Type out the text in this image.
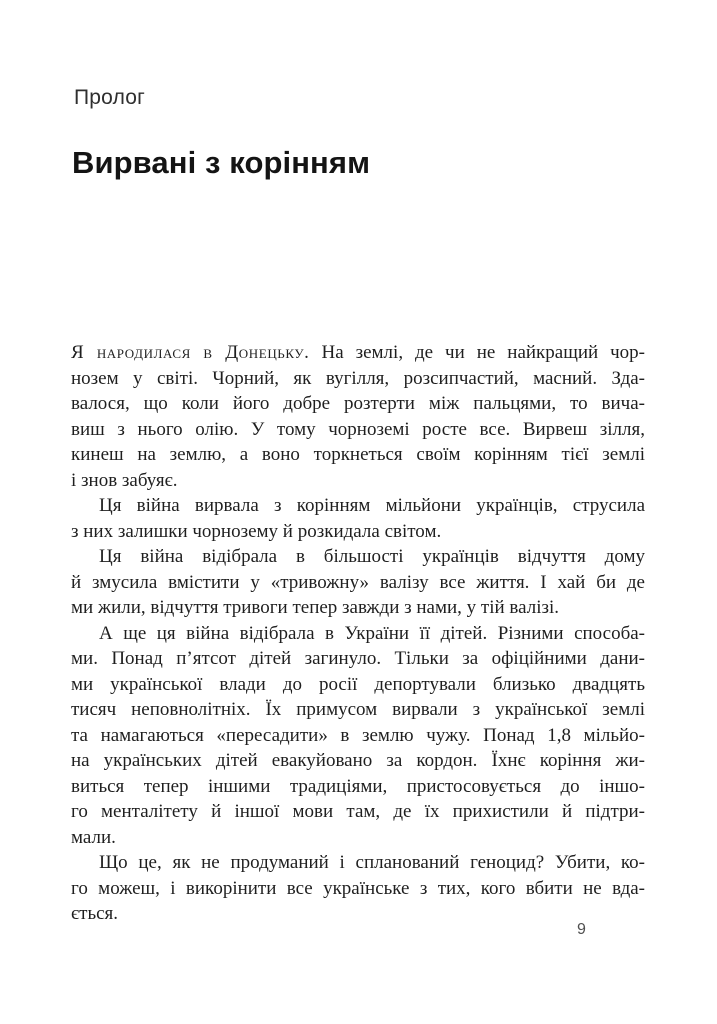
Пролог
Вирвані з корінням
Я народилася в Донецьку. На землі, де чи не найкращий чор-
нозем у світі. Чорний, як вугілля, розсипчастий, масний. Зда-
валося, що коли його добре розтерти між пальцями, то вича-
виш з нього олію. У тому чорноземі росте все. Вирвеш зілля,
кинеш на землю, а воно торкнеться своїм корінням тієї землі
і знов забуяє.
Ця війна вирвала з корінням мільйони українців, струсила
з них залишки чорнозему й розкидала світом.
Ця війна відібрала в більшості українців відчуття дому
й змусила вмістити у «тривожну» валізу все життя. І хай би де
ми жили, відчуття тривоги тепер завжди з нами, у тій валізі.
А ще ця війна відібрала в України її дітей. Різними способа-
ми. Понад п’ятсот дітей загинуло. Тільки за офіційними дани-
ми української влади до росії депортували близько двадцять
тисяч неповнолітніх. Їх примусом вирвали з української землі
та намагаються «пересадити» в землю чужу. Понад 1,8 мільйо-
на українських дітей евакуйовано за кордон. Їхнє коріння жи-
виться тепер іншими традиціями, пристосовується до іншо-
го менталітету й іншої мови там, де їх прихистили й підтри-
мали.
Що це, як не продуманий і спланований геноцид? Убити, ко-
го можеш, і викорінити все українське з тих, кого вбити не вда-
ється.
9
